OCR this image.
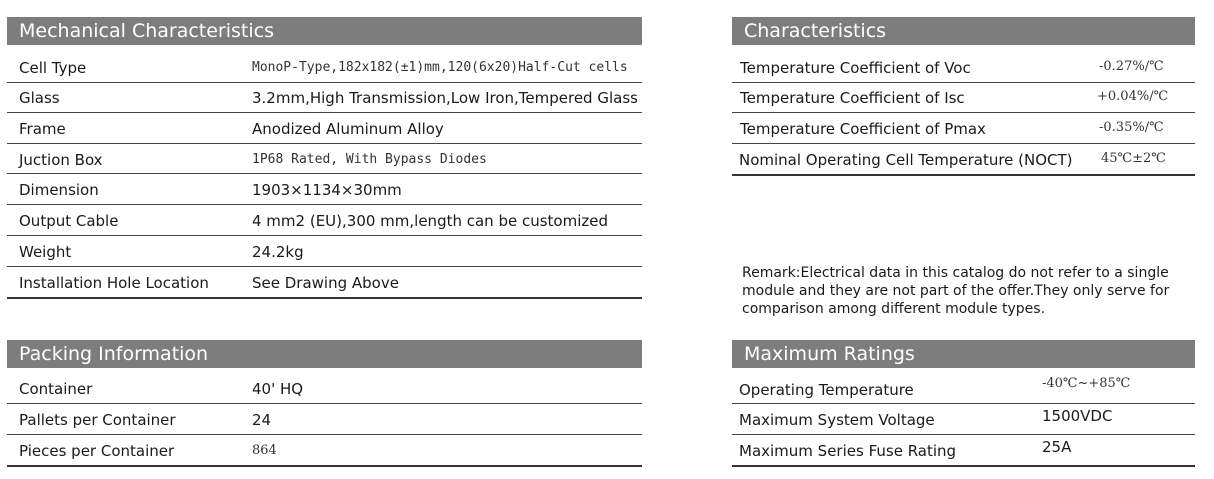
Mechanical Characteristics
Cell Type	MonoP-Type,182x182(±1)mm,120(6x20)Half-Cut cells
Glass	3.2mm,High Transmission,Low Iron,Tempered Glass
Frame	Anodized Aluminum Alloy
Juction Box	1P68 Rated, With Bypass Diodes
Dimension	1903×1134×30mm
Output Cable	4 mm2 (EU),300 mm,length can be customized
Weight	24.2kg
Installation Hole Location	See Drawing Above
Characteristics
Temperature Coefficient of Voc	-0.27%/℃
Temperature Coefficient of Isc	+0.04%/℃
Temperature Coefficient of Pmax	-0.35%/℃
Nominal Operating Cell Temperature (NOCT) 45℃±2℃
Remark:Electrical data in this catalog do not refer to a single module and they are not part of the offer.They only serve for comparison among different module types.
Packing Information
Container	40' HQ
Pallets per Container	24
Pieces per Container	864
Maximum Ratings
Operating Temperature	-40℃~+85℃
Maximum System Voltage	1500VDC
Maximum Series Fuse Rating	25A
